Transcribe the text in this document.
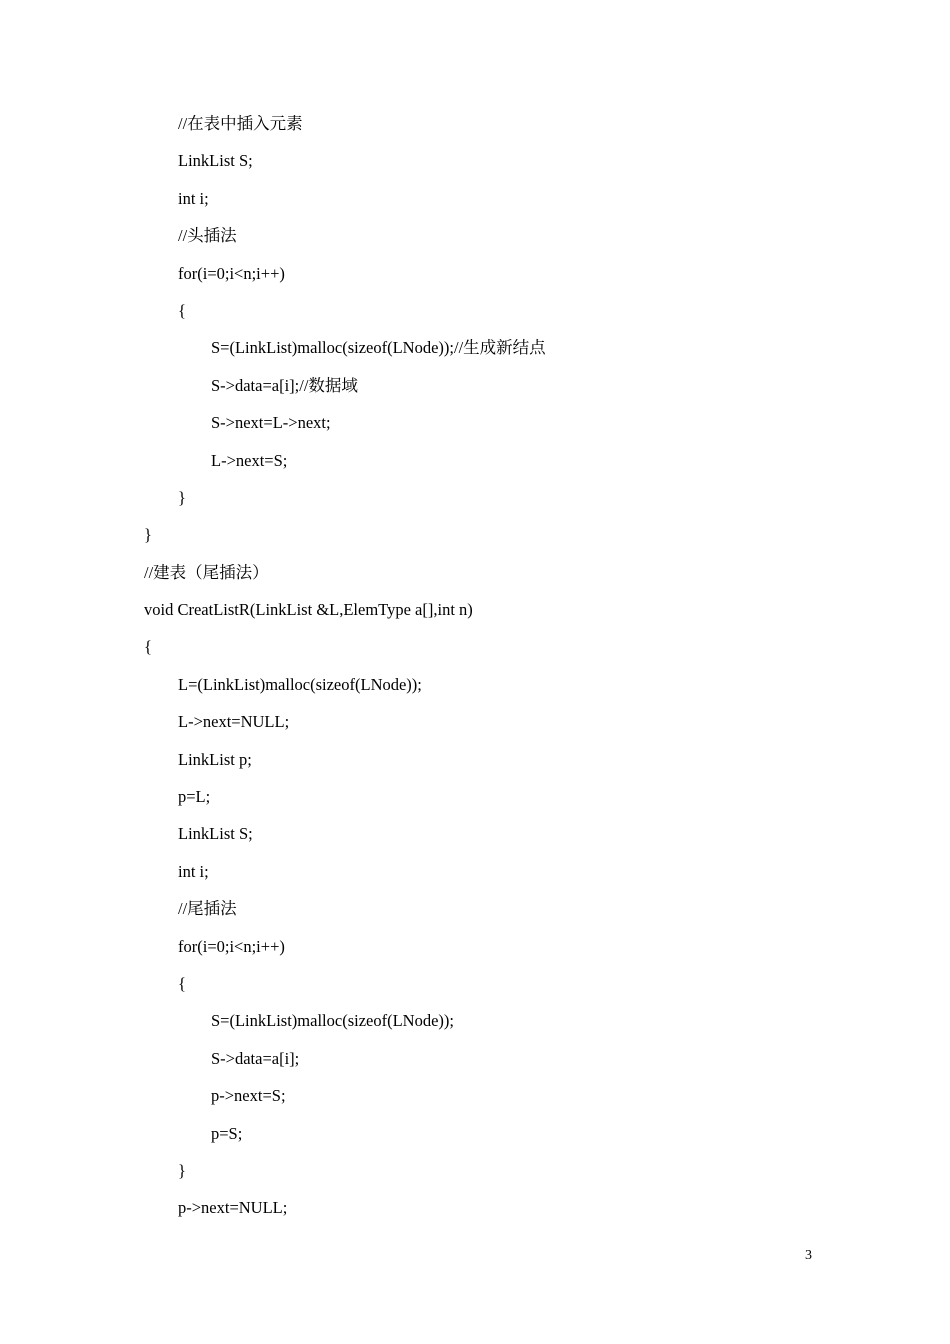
//在表中插入元素
LinkList S;
int i;
//头插法
for(i=0;i<n;i++)
{
S=(LinkList)malloc(sizeof(LNode));//生成新结点
S->data=a[i];//数据域
S->next=L->next;
L->next=S;
}
}
//建表（尾插法）
void CreatListR(LinkList &L,ElemType a[],int n)
{
L=(LinkList)malloc(sizeof(LNode));
L->next=NULL;
LinkList p;
p=L;
LinkList S;
int i;
//尾插法
for(i=0;i<n;i++)
{
S=(LinkList)malloc(sizeof(LNode));
S->data=a[i];
p->next=S;
p=S;
}
p->next=NULL;
3
